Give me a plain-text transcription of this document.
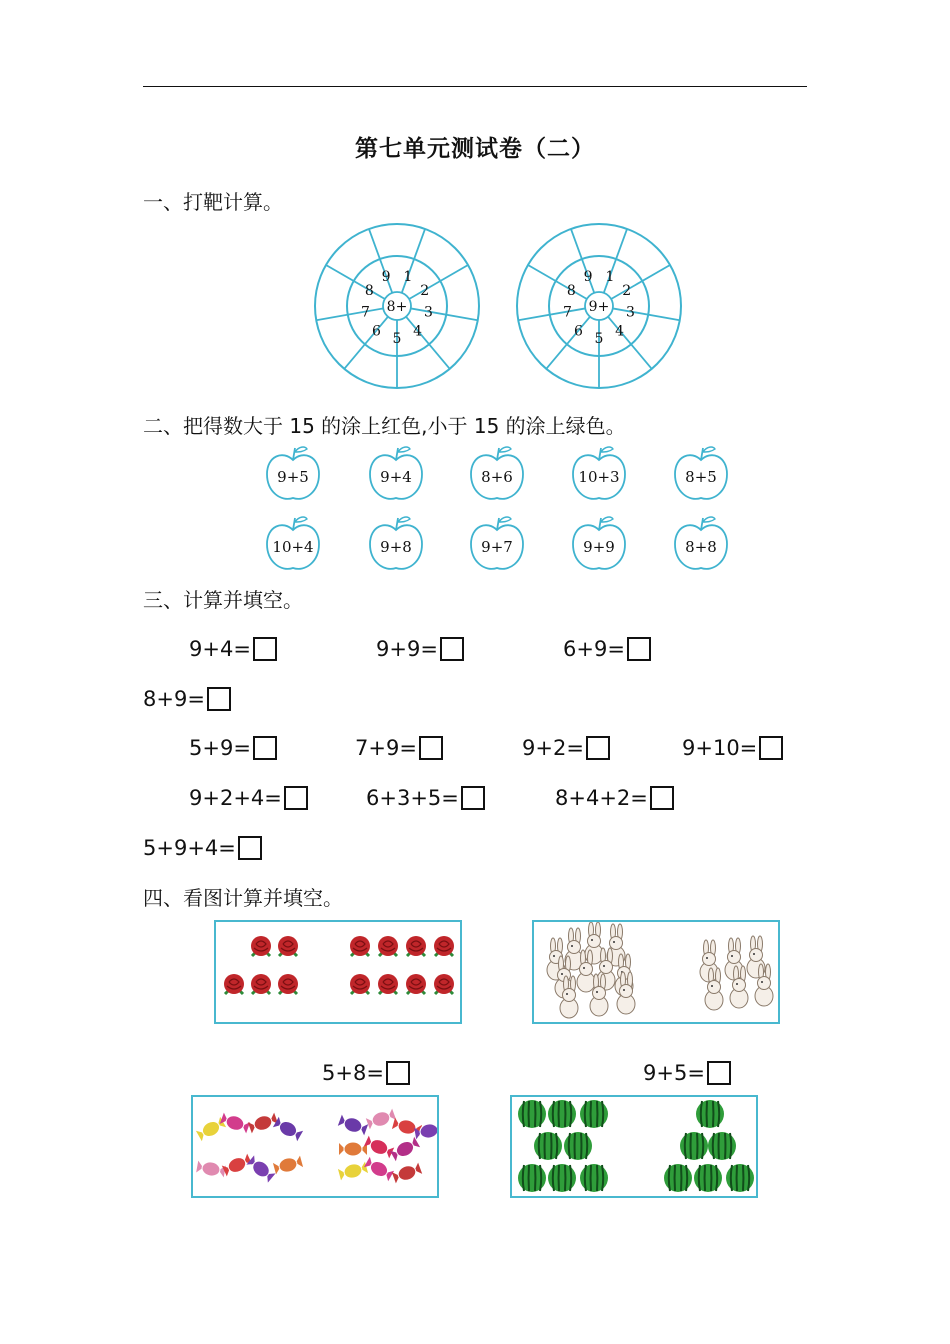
第七单元测试卷（二）
一、打靶计算。
8+
1
2
3
4
5
6
7
8
9
9+
1
2
3
4
5
6
7
8
9
二、把得数大于 15 的涂上红色,小于 15 的涂上绿色。
9+5	9+4	8+6	10+3	8+5
10+4	9+8	9+7	9+9	8+8
三、计算并填空。
9+4=	9+9=	6+9=
8+9=
5+9=	7+9=	9+2=	9+10=
9+2+4=	6+3+5=	8+4+2=
5+9+4=
四、看图计算并填空。
5+8=	9+5=
